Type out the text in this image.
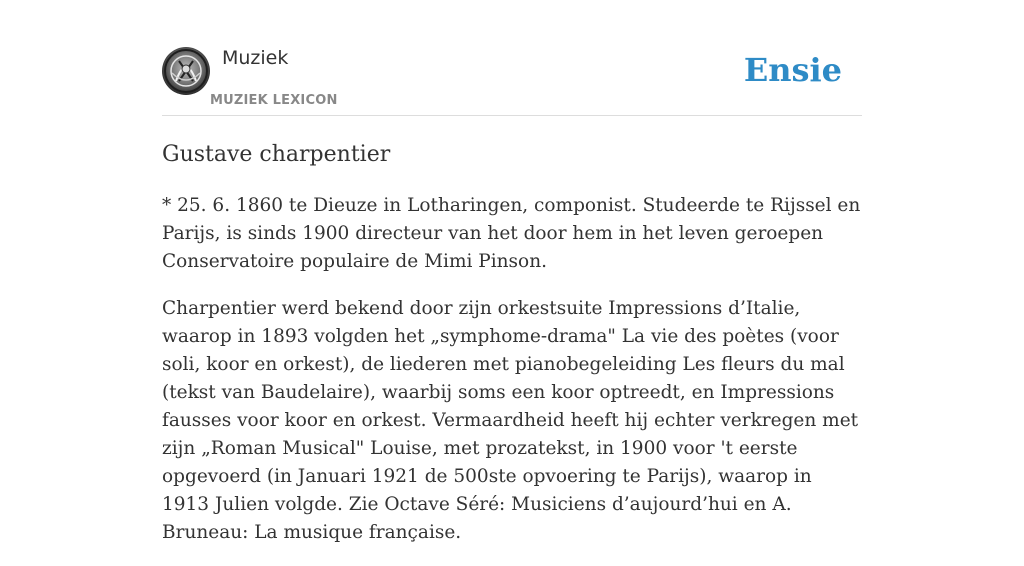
Muziek

MUZIEK LEXICON
Ensie
Gustave charpentier

* 25. 6. 1860 te Dieuze in Lotharingen, componist. Studeerde te Rijssel en Parijs, is sinds 1900 directeur van het door hem in het leven geroepen Conservatoire populaire de Mimi Pinson.

Charpentier werd bekend door zijn orkestsuite Impressions d’Italie, waarop in 1893 volgden het „symphome-drama" La vie des poètes (voor soli, koor en orkest), de liederen met pianobegeleiding Les fleurs du mal (tekst van Baudelaire), waarbij soms een koor optreedt, en Impressions fausses voor koor en orkest. Vermaardheid heeft hij echter verkregen met zijn „Roman Musical" Louise, met prozatekst, in 1900 voor 't eerste opgevoerd (in Januari 1921 de 500ste opvoering te Parijs), waarop in 1913 Julien volgde. Zie Octave Séré: Musiciens d’aujourd’hui en A. Bruneau: La musique française.
